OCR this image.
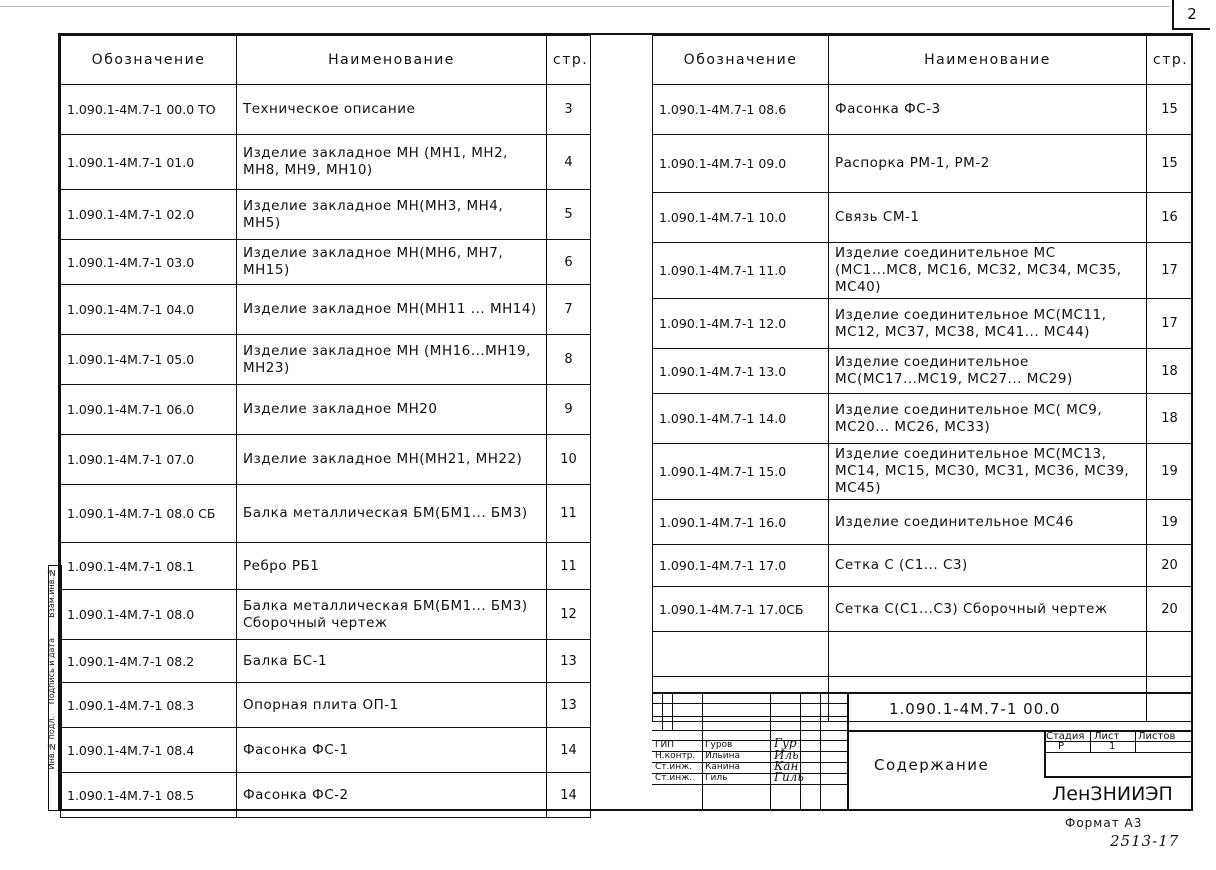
2
Обозначение	Наименование	стр.
1.090.1-4М.7-1 00.0 ТО	Техническое описание	3
1.090.1-4М.7-1 01.0	Изделие закладное МН (МН1, МН2, МН8, МН9, МН10)	4
1.090.1-4М.7-1 02.0	Изделие закладное МН(МН3, МН4, МН5)	5
1.090.1-4М.7-1 03.0	Изделие закладное МН(МН6, МН7, МН15)	6
1.090.1-4М.7-1 04.0	Изделие закладное МН(МН11 ... МН14)	7
1.090.1-4М.7-1 05.0	Изделие закладное МН (МН16...МН19, МН23)	8
1.090.1-4М.7-1 06.0	Изделие закладное МН20	9
1.090.1-4М.7-1 07.0	Изделие закладное МН(МН21, МН22)	10
1.090.1-4М.7-1 08.0 СБ	Балка металлическая БМ(БМ1... БМ3)	11
1.090.1-4М.7-1 08.1	Ребро РБ1	11
1.090.1-4М.7-1 08.0	Балка металлическая БМ(БМ1... БМ3) Сборочный чертеж	12
1.090.1-4М.7-1 08.2	Балка БС-1	13
1.090.1-4М.7-1 08.3	Опорная плита ОП-1	13
1.090.1-4М.7-1 08.4	Фасонка ФС-1	14
1.090.1-4М.7-1 08.5	Фасонка ФС-2	14
Обозначение	Наименование	стр.
1.090.1-4М.7-1 08.6	Фасонка ФС-3	15
1.090.1-4М.7-1 09.0	Распорка РМ-1, РМ-2	15
1.090.1-4М.7-1 10.0	Связь СМ-1	16
1.090.1-4М.7-1 11.0	Изделие соединительное МС (МС1...МС8, МС16, МС32, МС34, МС35, МС40)	17
1.090.1-4М.7-1 12.0	Изделие соединительное МС(МС11, МС12, МС37, МС38, МС41... МС44)	17
1.090.1-4М.7-1 13.0	Изделие соединительное МС(МС17...МС19, МС27... МС29)	18
1.090.1-4М.7-1 14.0	Изделие соединительное МС( МС9, МС20... МС26, МС33)	18
1.090.1-4М.7-1 15.0	Изделие соединительное МС(МС13, МС14, МС15, МС30, МС31, МС36, МС39, МС45)	19
1.090.1-4М.7-1 16.0	Изделие соединительное МС46	19
1.090.1-4М.7-1 17.0	Сетка С (С1... С3)	20
1.090.1-4М.7-1 17.0СБ	Сетка С(С1...С3) Сборочный чертеж	20

Инв.№ подл.
Подпись и дата
Взам.инв.№
1.090.1-4М.7-1 00.0
Содержание
Стадия Лист Листов
Р	1
ЛенЗНИИЭП
ГИП	Гуров	Гур
Н.контр. Ильина	Иль
Ст.инж. Канина	Кан
Ст.инж. Гиль	Гиль
Формат А3
2513-17
